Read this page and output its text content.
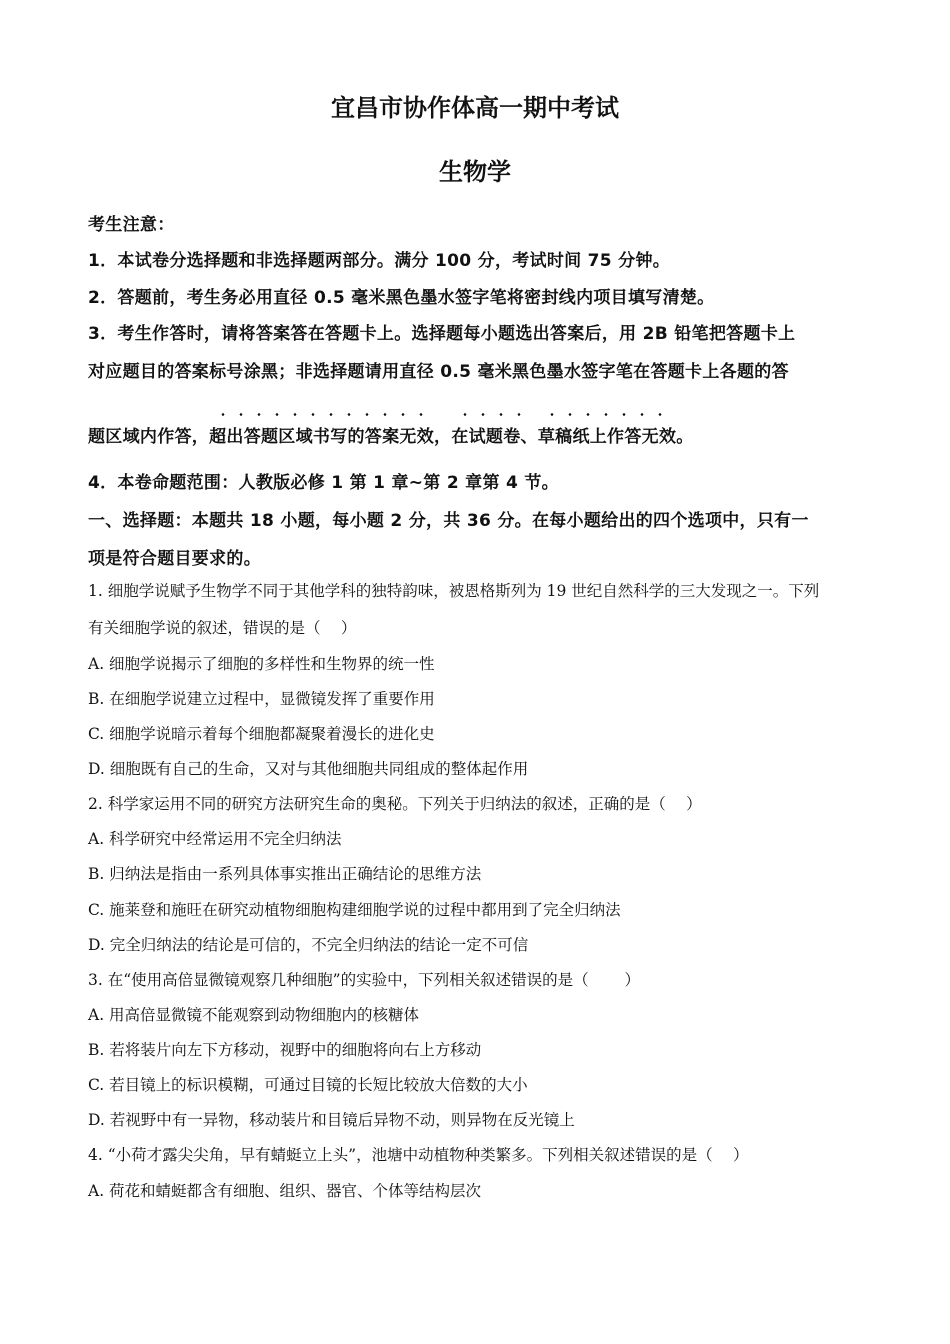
宜昌市协作体高一期中考试
生物学
考生注意：
1．本试卷分选择题和非选择题两部分。满分 100 分，考试时间 75 分钟。
2．答题前，考生务必用直径 0.5 毫米黑色墨水签字笔将密封线内项目填写清楚。
3．考生作答时，请将答案答在答题卡上。选择题每小题选出答案后，用 2B 铅笔把答题卡上
对应题目的答案标号涂黑；非选择题请用直径 0.5 毫米黑色墨水签字笔在答题卡上各题的答
题区域内作答，超出答题区域书写的答案无效，在试题卷、草稿纸上作答无效。
4．本卷命题范围：人教版必修 1 第 1 章~第 2 章第 4 节。
一、选择题：本题共 18 小题，每小题 2 分，共 36 分。在每小题给出的四个选项中，只有一
项是符合题目要求的。
1. 细胞学说赋予生物学不同于其他学科的独特韵味，被恩格斯列为 19 世纪自然科学的三大发现之一。下列
有关细胞学说的叙述，错误的是（　 ）
A. 细胞学说揭示了细胞的多样性和生物界的统一性
B. 在细胞学说建立过程中，显微镜发挥了重要作用
C. 细胞学说暗示着每个细胞都凝聚着漫长的进化史
D. 细胞既有自己的生命，又对与其他细胞共同组成的整体起作用
2. 科学家运用不同的研究方法研究生命的奥秘。下列关于归纳法的叙述，正确的是（　 ）
A. 科学研究中经常运用不完全归纳法
B. 归纳法是指由一系列具体事实推出正确结论的思维方法
C. 施莱登和施旺在研究动植物细胞构建细胞学说的过程中都用到了完全归纳法
D. 完全归纳法的结论是可信的，不完全归纳法的结论一定不可信
3. 在“使用高倍显微镜观察几种细胞”的实验中，下列相关叙述错误的是（　　 ）
A. 用高倍显微镜不能观察到动物细胞内的核糖体
B. 若将装片向左下方移动，视野中的细胞将向右上方移动
C. 若目镜上的标识模糊，可通过目镜的长短比较放大倍数的大小
D. 若视野中有一异物，移动装片和目镜后异物不动，则异物在反光镜上
4. “小荷才露尖尖角，早有蜻蜓立上头”，池塘中动植物种类繁多。下列相关叙述错误的是（　 ）
A. 荷花和蜻蜓都含有细胞、组织、器官、个体等结构层次
